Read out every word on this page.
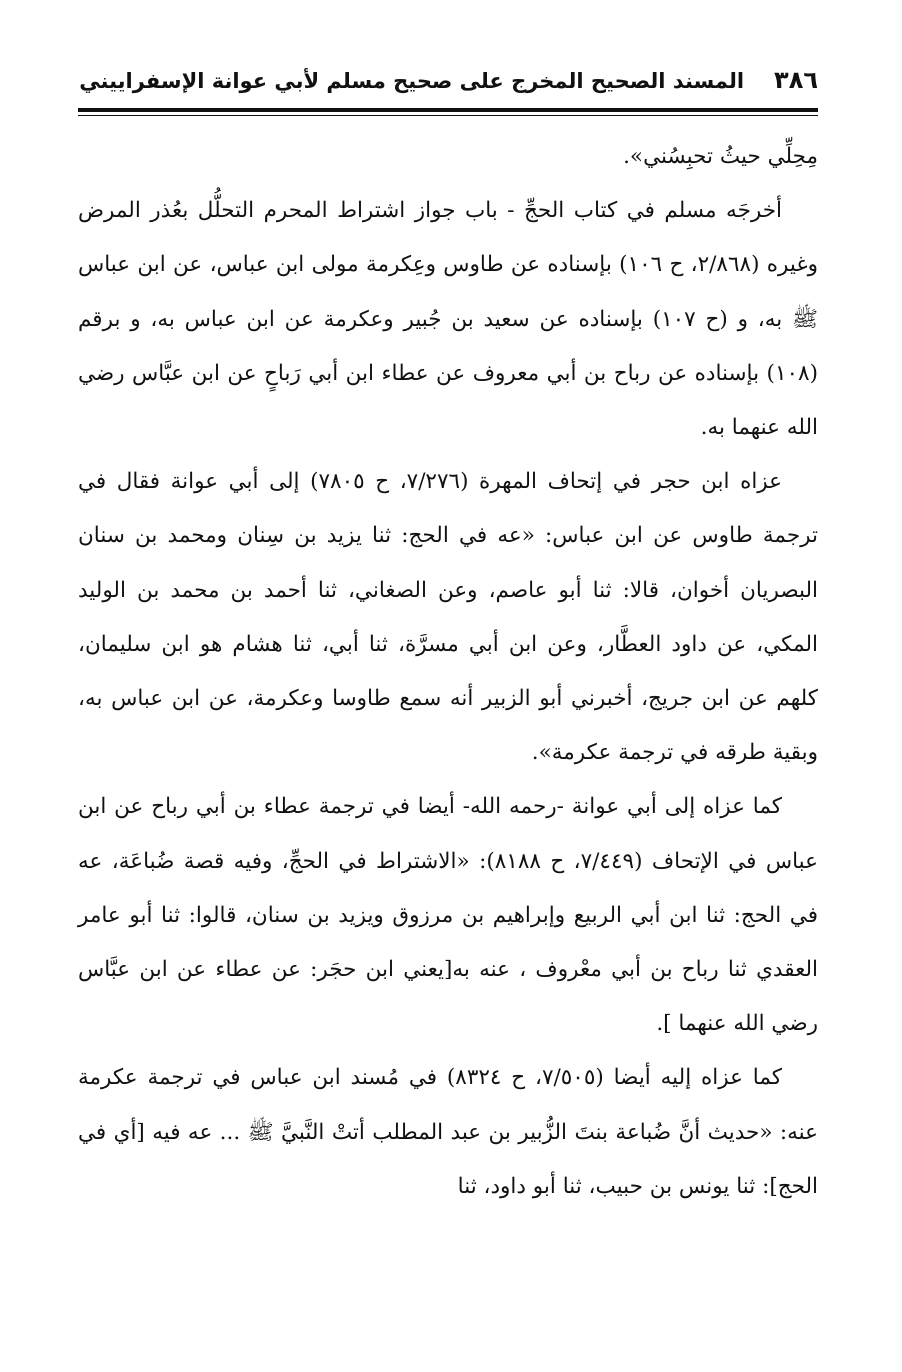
٣٨٦
المسند الصحيح المخرج على صحيح مسلم لأبي عوانة الإسفراييني

مِحِلِّي حيثُ تحبِسُني».

أخرجَه مسلم في كتاب الحجِّ - باب جواز اشتراط المحرم التحلُّل بعُذر المرض وغيره (٢/٨٦٨، ح ١٠٦) بإسناده عن طاوس وعِكرمة مولى ابن عباس، عن ابن عباس ﷺ به، و (ح ١٠٧) بإسناده عن سعيد بن جُبير وعكرمة عن ابن عباس به، و برقم (١٠٨) بإسناده عن رباح بن أبي معروف عن عطاء ابن أبي رَباحٍ عن ابن عبَّاس رضي الله عنهما به.

عزاه ابن حجر في إتحاف المهرة (٧/٢٧٦، ح ٧٨٠٥) إلى أبي عوانة فقال في ترجمة طاوس عن ابن عباس: «عه في الحج: ثنا يزيد بن سِنان ومحمد بن سنان البصريان أخوان، قالا: ثنا أبو عاصم، وعن الصغاني، ثنا أحمد بن محمد بن الوليد المكي، عن داود العطَّار، وعن ابن أبي مسرَّة، ثنا أبي، ثنا هشام هو ابن سليمان، كلهم عن ابن جريج، أخبرني أبو الزبير أنه سمع طاوسا وعكرمة، عن ابن عباس به، وبقية طرقه في ترجمة عكرمة».

كما عزاه إلى أبي عوانة -رحمه الله- أيضا في ترجمة عطاء بن أبي رباح عن ابن عباس في الإتحاف (٧/٤٤٩، ح ٨١٨٨): «الاشتراط في الحجِّ، وفيه قصة ضُباعَة، عه في الحج: ثنا ابن أبي الربيع وإبراهيم بن مرزوق ويزيد بن سنان، قالوا: ثنا أبو عامر العقدي ثنا رباح بن أبي معْروف ، عنه به[يعني ابن حجَر: عن عطاء عن ابن عبَّاس رضي الله عنهما ].

كما عزاه إليه أيضا (٧/٥٠٥، ح ٨٣٢٤) في مُسند ابن عباس في ترجمة عكرمة عنه: «حديث أنَّ ضُباعة بنتَ الزُّبير بن عبد المطلب أتتْ النَّبيَّ ﷺ ... عه فيه [أي في الحج]: ثنا يونس بن حبيب، ثنا أبو داود، ثنا
